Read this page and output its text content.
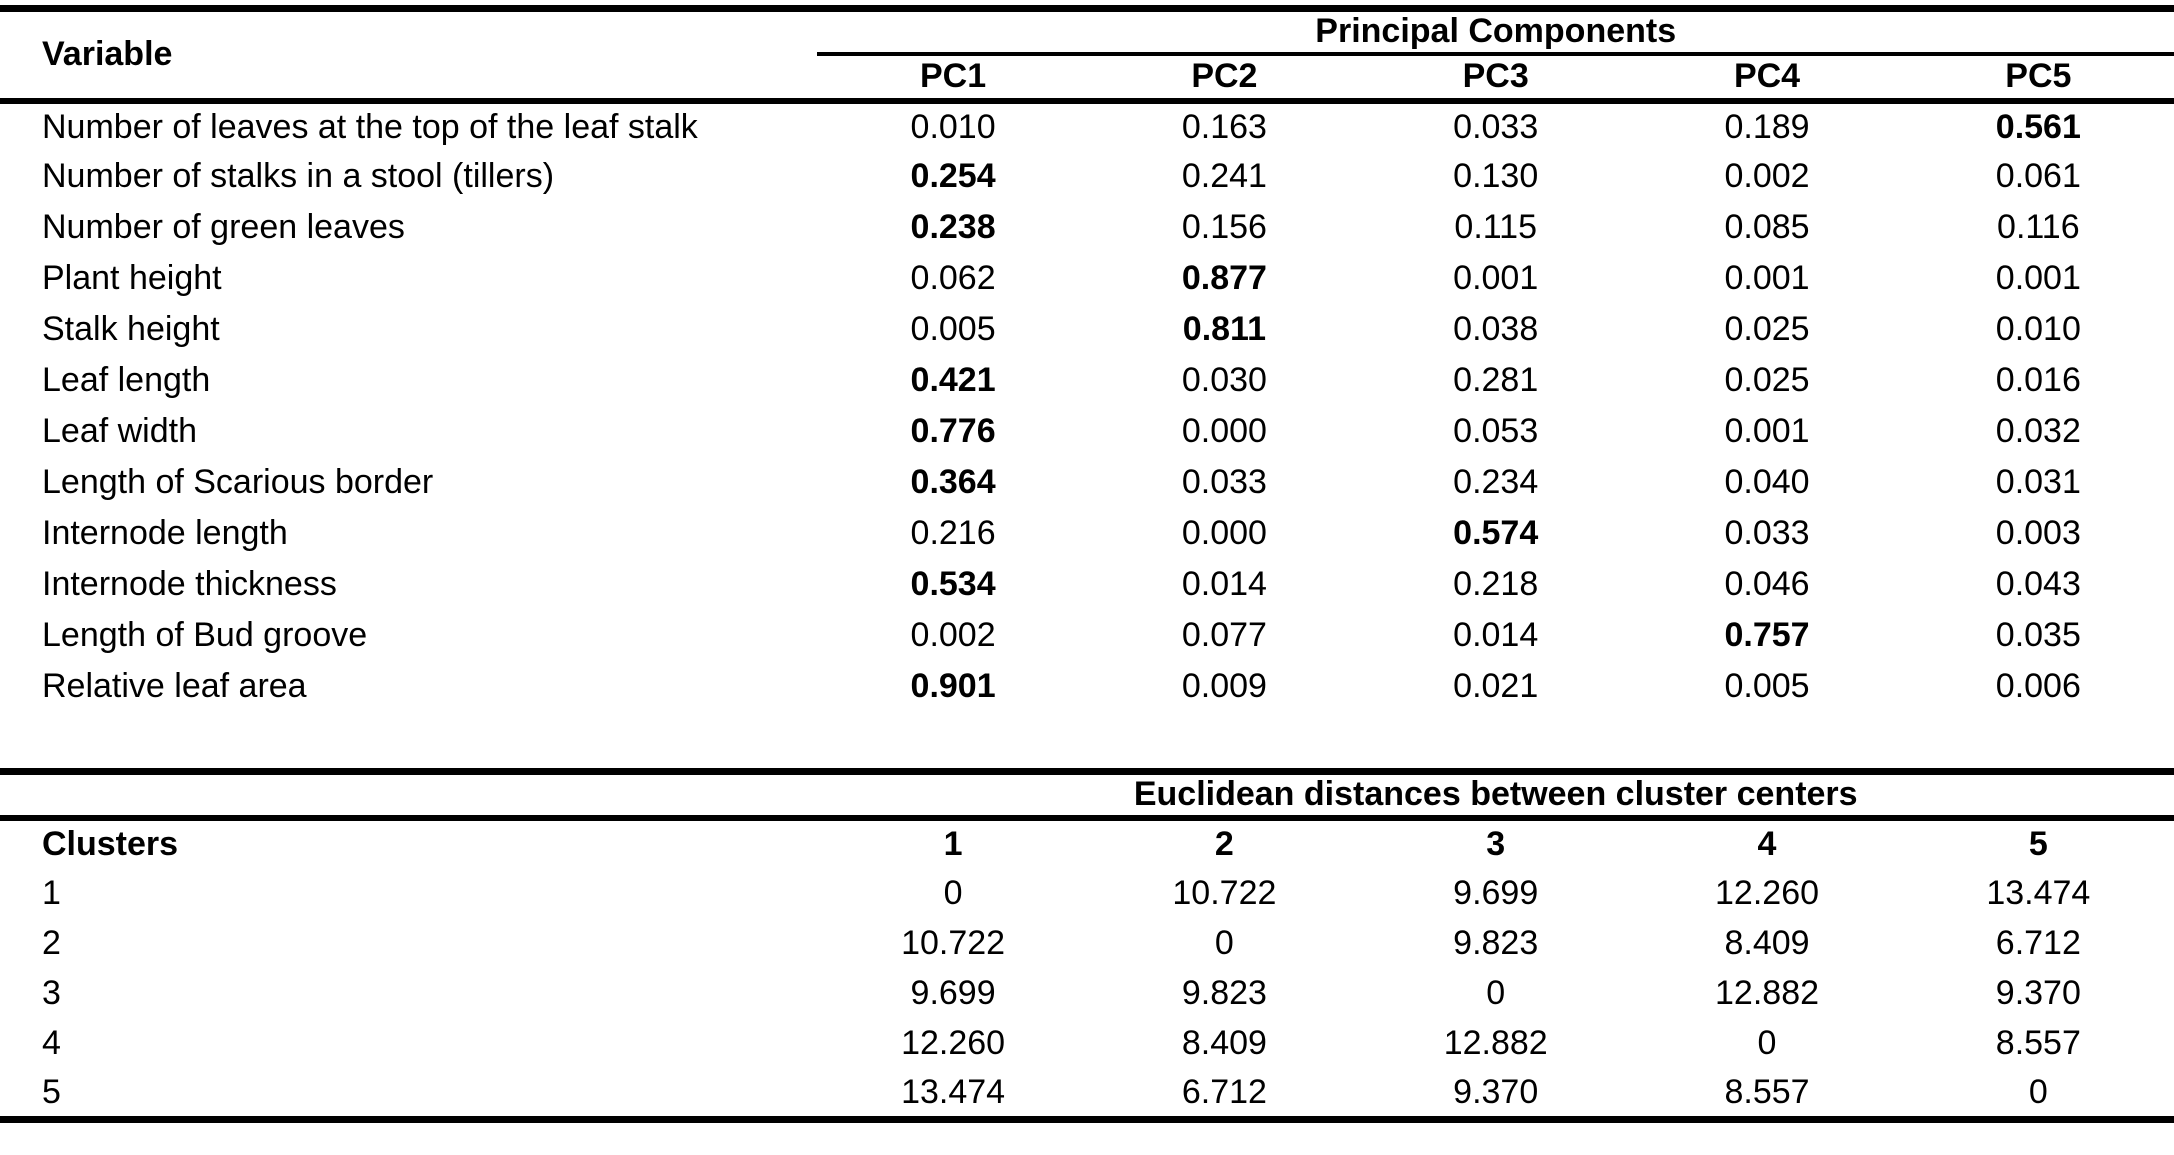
Variable	Principal Components				
	PC1	PC2	PC3	PC4	PC5
Number of leaves at the top of the leaf stalk	0.010	0.163	0.033	0.189	0.561
Number of stalks in a stool (tillers)	0.254	0.241	0.130	0.002	0.061
Number of green leaves	0.238	0.156	0.115	0.085	0.116
Plant height	0.062	0.877	0.001	0.001	0.001
Stalk height	0.005	0.811	0.038	0.025	0.010
Leaf length	0.421	0.030	0.281	0.025	0.016
Leaf width	0.776	0.000	0.053	0.001	0.032
Length of Scarious border	0.364	0.033	0.234	0.040	0.031
Internode length	0.216	0.000	0.574	0.033	0.003
Internode thickness	0.534	0.014	0.218	0.046	0.043
Length of Bud groove	0.002	0.077	0.014	0.757	0.035
Relative leaf area	0.901	0.009	0.021	0.005	0.006
	Euclidean distances between cluster centers				
Clusters	1	2	3	4	5
1	0	10.722	9.699	12.260	13.474
2	10.722	0	9.823	8.409	6.712
3	9.699	9.823	0	12.882	9.370
4	12.260	8.409	12.882	0	8.557
5	13.474	6.712	9.370	8.557	0
